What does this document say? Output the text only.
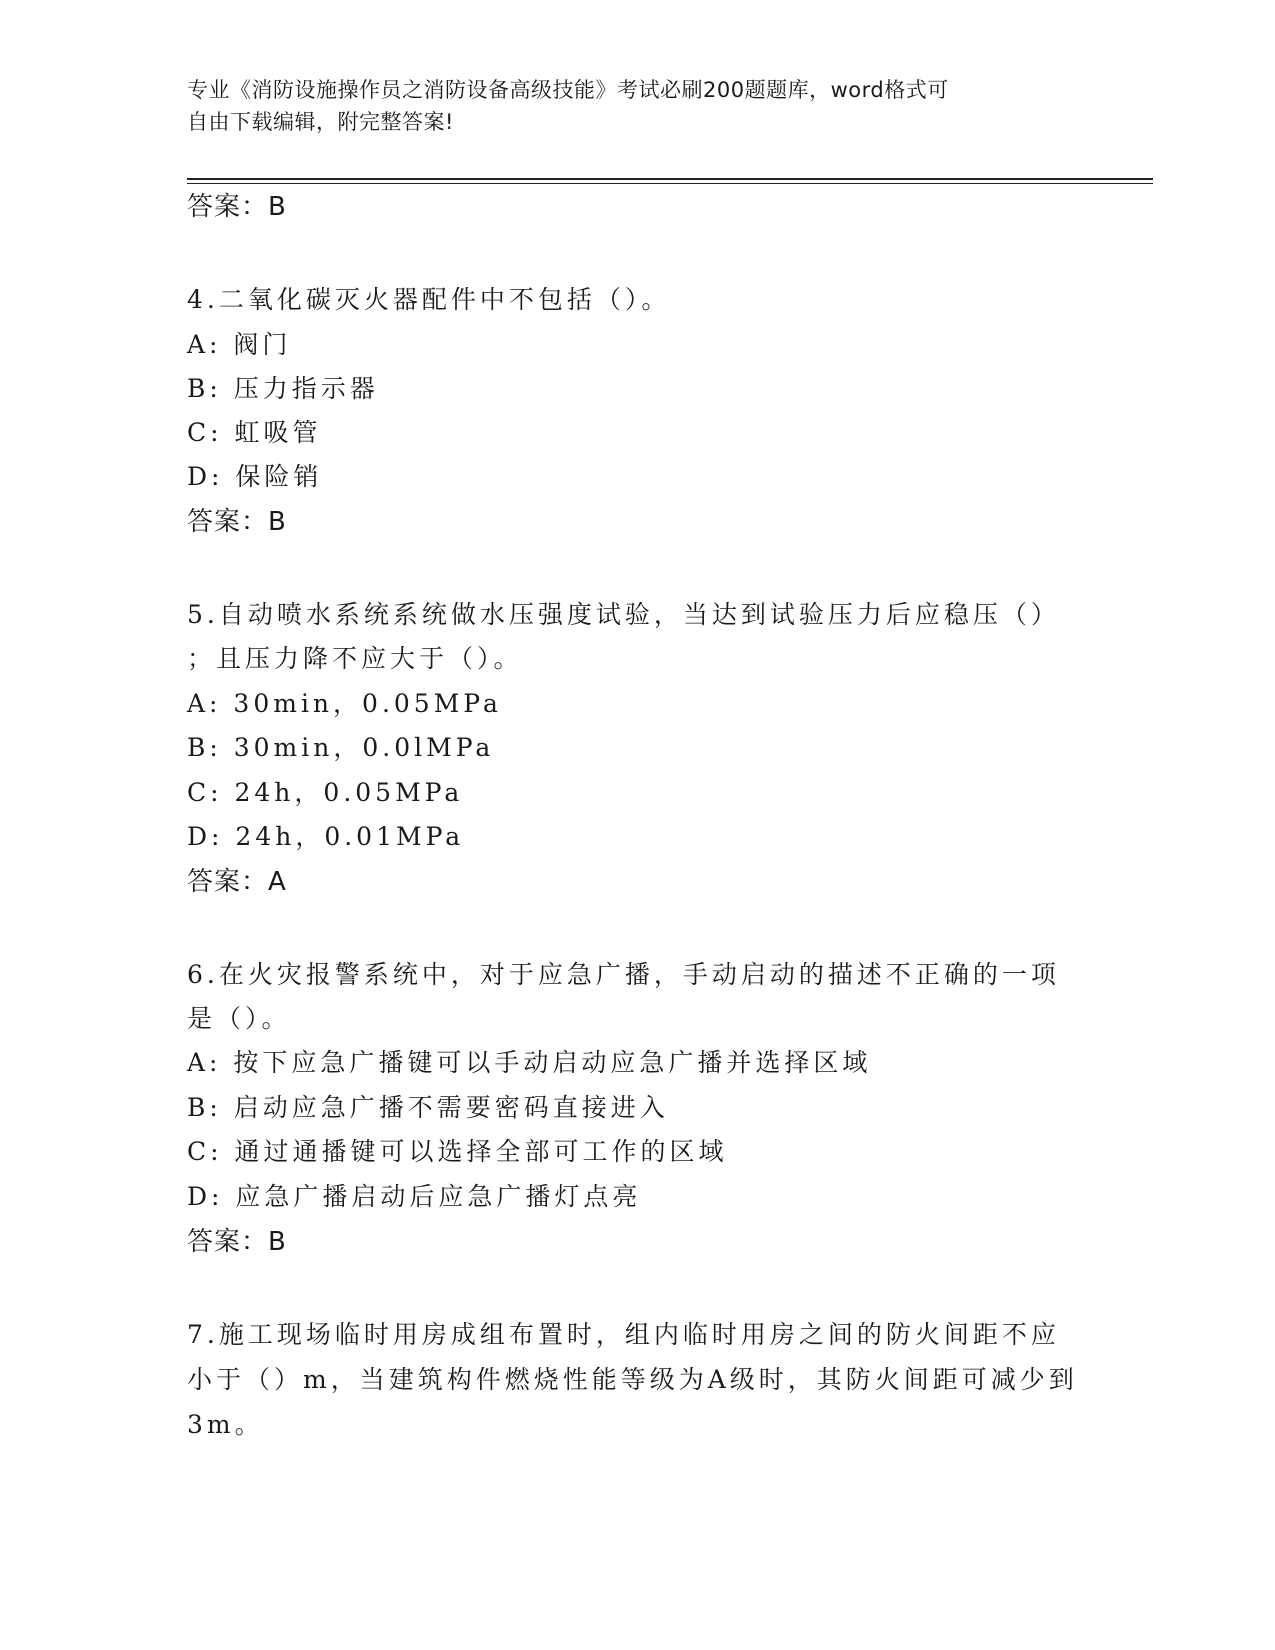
专业《消防设施操作员之消防设备高级技能》考试必刷200题题库，word格式可
自由下载编辑，附完整答案!
答案：B
4.二氧化碳灭火器配件中不包括（）。
A: 阀门
B: 压力指示器
C: 虹吸管
D: 保险销
答案：B
5.自动喷水系统系统做水压强度试验，当达到试验压力后应稳压（）
；且压力降不应大于（）。
A: 30min，0.05MPa
B: 30min，0.0lMPa
C: 24h，0.05MPa
D: 24h，0.01MPa
答案：A
6.在火灾报警系统中，对于应急广播，手动启动的描述不正确的一项
是（）。
A: 按下应急广播键可以手动启动应急广播并选择区域
B: 启动应急广播不需要密码直接进入
C: 通过通播键可以选择全部可工作的区域
D: 应急广播启动后应急广播灯点亮
答案：B
7.施工现场临时用房成组布置时，组内临时用房之间的防火间距不应
小于（）m，当建筑构件燃烧性能等级为A级时，其防火间距可减少到
3m。
